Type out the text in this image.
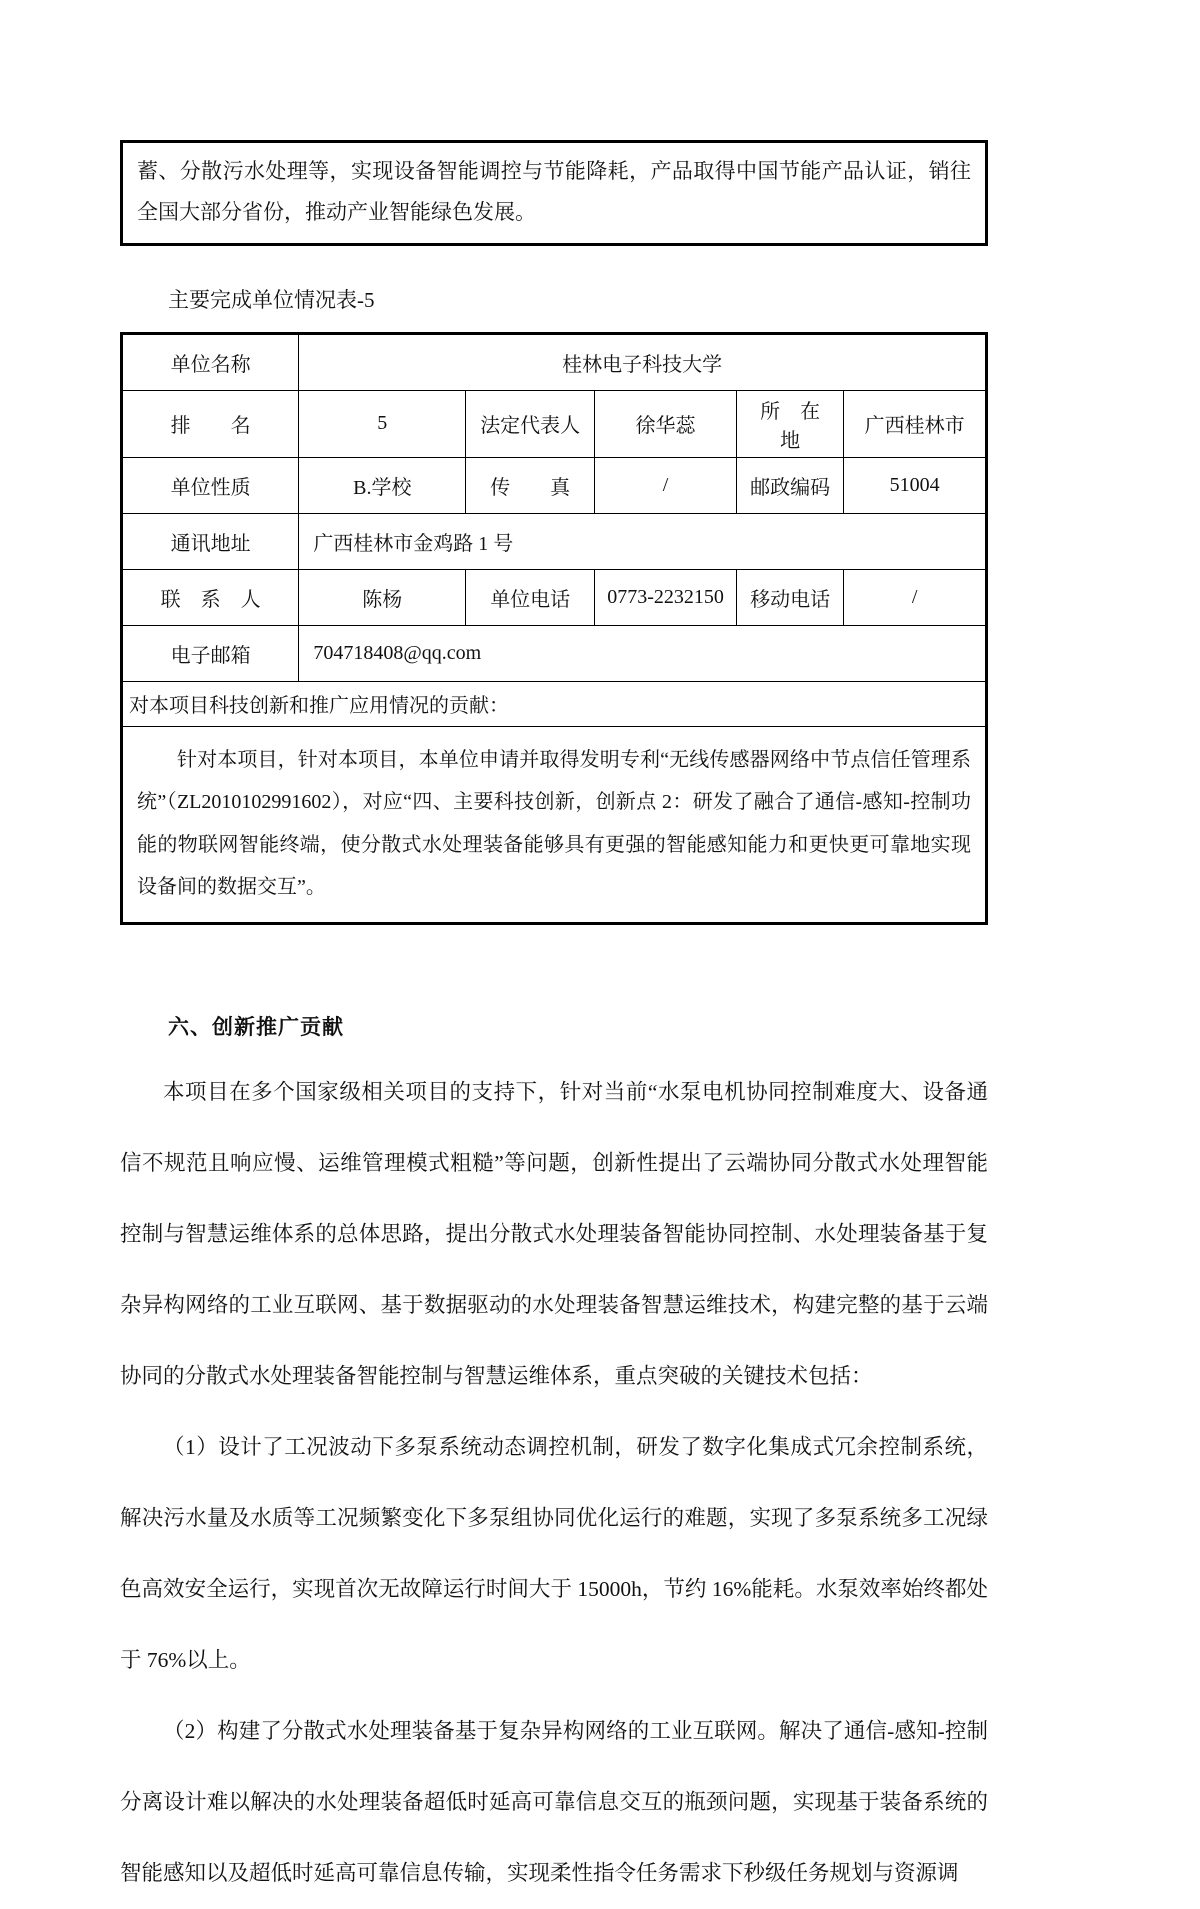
蓄、分散污水处理等，实现设备智能调控与节能降耗，产品取得中国节能产品认证，销往全国大部分省份，推动产业智能绿色发展。
主要完成单位情况表-5
单位名称	桂林电子科技大学				
排　　名	5	法定代表人	徐华蕊	所　在　地	广西桂林市
单位性质	B.学校	传　　真	/	邮政编码	51004
通讯地址	广西桂林市金鸡路 1 号				
联　系　人	陈杨	单位电话	0773-2232150	移动电话	/
电子邮箱	704718408@qq.com				
对本项目科技创新和推广应用情况的贡献：					

针对本项目，针对本项目，本单位申请并取得发明专利“无线传感器网络中节点信任管理系统”（ZL2010102991602），对应“四、主要科技创新，创新点 2：研发了融合了通信-感知-控制功能的物联网智能终端，使分散式水处理装备能够具有更强的智能感知能力和更快更可靠地实现设备间的数据交互”。					
六、创新推广贡献

本项目在多个国家级相关项目的支持下，针对当前“水泵电机协同控制难度大、设备通信不规范且响应慢、运维管理模式粗糙”等问题，创新性提出了云端协同分散式水处理智能控制与智慧运维体系的总体思路，提出分散式水处理装备智能协同控制、水处理装备基于复杂异构网络的工业互联网、基于数据驱动的水处理装备智慧运维技术，构建完整的基于云端协同的分散式水处理装备智能控制与智慧运维体系，重点突破的关键技术包括：

（1）设计了工况波动下多泵系统动态调控机制，研发了数字化集成式冗余控制系统，解决污水量及水质等工况频繁变化下多泵组协同优化运行的难题，实现了多泵系统多工况绿色高效安全运行，实现首次无故障运行时间大于 15000h，节约 16%能耗。水泵效率始终都处于 76%以上。

（2）构建了分散式水处理装备基于复杂异构网络的工业互联网。解决了通信-感知-控制分离设计难以解决的水处理装备超低时延高可靠信息交互的瓶颈问题，实现基于装备系统的智能感知以及超低时延高可靠信息传输，实现柔性指令任务需求下秒级任务规划与资源调
